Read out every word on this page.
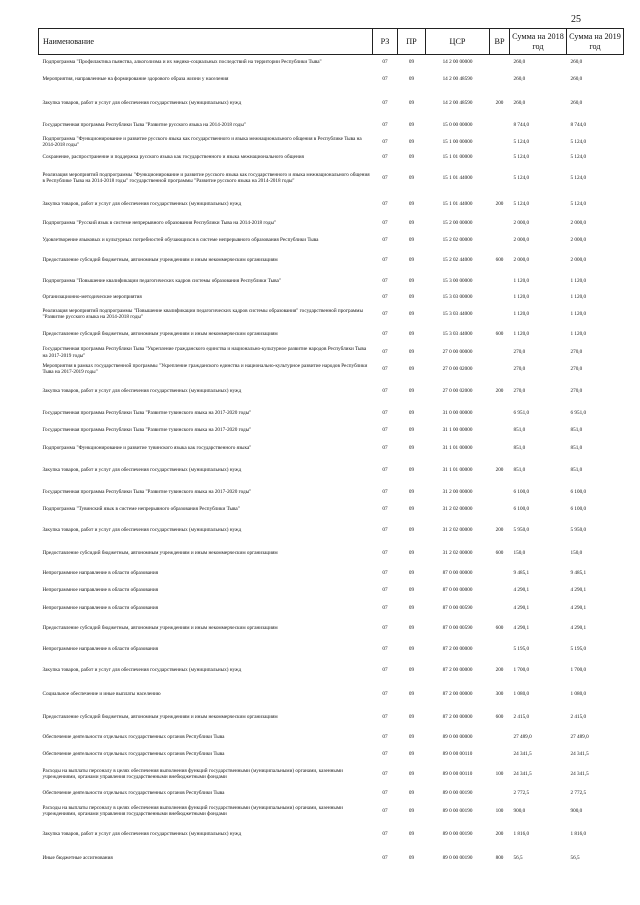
25
Наименование	РЗ	ПР	ЦСР	ВР	Сумма на 2018 год	Сумма на 2019 год
Подпрограмма "Профилактика пьянства, алкоголизма и их медико-социальных последствий на территории Республики Тыва"	07	09	14 2 00 00000		260,0	260,0
Мероприятия, направленные на формирование здорового образа жизни у населения	07	09	14 2 00 48590		260,0	260,0
Закупка товаров, работ и услуг для обеспечения государственных (муниципальных) нужд	07	09	14 2 00 48590	200	260,0	260,0
Государственная программа Республики Тыва "Развитие русского языка на 2014-2018 годы"	07	09	15 0 00 00000		8 744,0	8 744,0
Подпрограмма "Функционирование и развитие русского языка как государственного и языка межнационального общения в Республике Тыва на 2014-2018 годы"	07	09	15 1 00 00000		5 124,0	5 124,0
Сохранение, распространение и поддержка русского языка как государственного и языка межнационального общения	07	09	15 1 01 00000		5 124,0	5 124,0
Реализация мероприятий подпрограммы "Функционирование и развитие русского языка как государственного и языка межнационального общения в Республике Тыва на 2014-2018 годы" государственной программы "Развитие русского языка на 2014-2018 годы"	07	09	15 1 01 44000		5 124,0	5 124,0
Закупка товаров, работ и услуг для обеспечения государственных (муниципальных) нужд	07	09	15 1 01 44000	200	5 124,0	5 124,0
Подпрограмма "Русский язык в системе непрерывного образования Республики Тыва на 2014-2018 годы"	07	09	15 2 00 00000		2 000,0	2 000,0
Удовлетворение языковых и культурных потребностей обучающихся в системе непрерывного образования Республики Тыва	07	09	15 2 02 00000		2 000,0	2 000,0
Предоставление субсидий бюджетным, автономным учреждениям и иным некоммерческим организациям	07	09	15 2 02 44000	600	2 000,0	2 000,0
Подпрограмма "Повышение квалификации педагогических кадров системы образования Республики Тыва"	07	09	15 3 00 00000		1 120,0	1 120,0
Организационно-методические мероприятия	07	09	15 3 03 00000		1 120,0	1 120,0
Реализация мероприятий подпрограммы "Повышение квалификации педагогических кадров системы образования" государственной программы "Развитие русского языка на 2014-2018 годы"	07	09	15 3 03 44000		1 120,0	1 120,0
Предоставление субсидий бюджетным, автономным учреждениям и иным некоммерческим организациям	07	09	15 3 03 44000	600	1 120,0	1 120,0
Государственная программа Республики Тыва "Укрепление гражданского единства и национально-культурное развитие народов Республики Тыва на 2017-2019 годы"	07	09	27 0 00 00000		270,0	270,0
Мероприятия в рамках государственной программы "Укрепление гражданского единства и национально-культурное развитие народов Республики Тыва на 2017-2019 годы"	07	09	27 0 00 02000		270,0	270,0
Закупка товаров, работ и услуг для обеспечения государственных (муниципальных) нужд	07	09	27 0 00 02000	200	270,0	270,0
Государственная программа Республики Тыва "Развитие тувинского языка на 2017-2020 годы"	07	09	31 0 00 00000		6 951,0	6 951,0
Государственная программа Республики Тыва "Развитие тувинского языка на 2017-2020 годы"	07	09	31 1 00 00000		851,0	851,0
Подпрограмма "Функционирование и развитие тувинского языка как государственного языка"	07	09	31 1 01 00000		851,0	851,0
Закупка товаров, работ и услуг для обеспечения государственных (муниципальных) нужд	07	09	31 1 01 00000	200	851,0	851,0
Государственная программа Республики Тыва "Развитие тувинского языка на 2017-2020 годы"	07	09	31 2 00 00000		6 100,0	6 100,0
Подпрограмма "Тувинский язык в системе непрерывного образования Республики Тыва"	07	09	31 2 02 00000		6 100,0	6 100,0
Закупка товаров, работ и услуг для обеспечения государственных (муниципальных) нужд	07	09	31 2 02 00000	200	5 950,0	5 950,0
Предоставление субсидий бюджетным, автономным учреждениям и иным некоммерческим организациям	07	09	31 2 02 00000	600	150,0	150,0
Непрограммное направление в области образования	07	09	87 0 00 00000		9 485,1	9 485,1
Непрограммное направление в области образования	07	09	87 0 00 00000		4 290,1	4 290,1
Непрограммное направление в области образования	07	09	87 0 00 00590		4 290,1	4 290,1
Предоставление субсидий бюджетным, автономным учреждениям и иным некоммерческим организациям	07	09	87 0 00 00590	600	4 290,1	4 290,1
Непрограммное направление в области образования	07	09	87 2 00 00000		5 195,0	5 195,0
Закупка товаров, работ и услуг для обеспечения государственных (муниципальных) нужд	07	09	87 2 00 00000	200	1 700,0	1 700,0
Социальное обеспечение и иные выплаты населению	07	09	87 2 00 00000	300	1 080,0	1 080,0
Предоставление субсидий бюджетным, автономным учреждениям и иным некоммерческим организациям	07	09	87 2 00 00000	600	2 415,0	2 415,0
Обеспечение деятельности отдельных государственных органов Республики Тыва	07	09	89 0 00 00000		27 489,0	27 489,0
Обеспечение деятельности отдельных государственных органов Республики Тыва	07	09	89 0 00 00110		24 341,5	24 341,5
Расходы на выплаты персоналу в целях обеспечения выполнения функций государственными (муниципальными) органами, казенными учреждениями, органами управления государственными внебюджетными фондами	07	09	89 0 00 00110	100	24 341,5	24 341,5
Обеспечение деятельности отдельных государственных органов Республики Тыва	07	09	89 0 00 00190		2 772,5	2 772,5
Расходы на выплаты персоналу в целях обеспечения выполнения функций государственными (муниципальными) органами, казенными учреждениями, органами управления государственными внебюджетными фондами	07	09	89 0 00 00190	100	900,0	900,0
Закупка товаров, работ и услуг для обеспечения государственных (муниципальных) нужд	07	09	89 0 00 00190	200	1 816,0	1 816,0
Иные бюджетные ассигнования	07	09	89 0 00 00190	800	56,5	56,5
